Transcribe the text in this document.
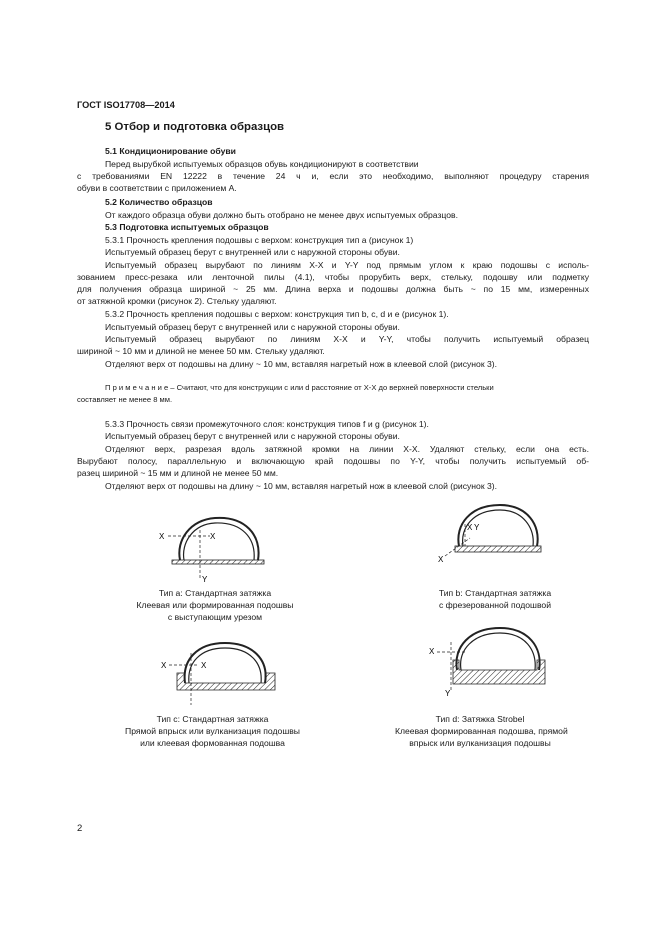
ГОСТ ISO17708—2014
5 Отбор и подготовка образцов
5.1 Кондиционирование обуви
Перед вырубкой испытуемых образцов обувь кондиционируют в соответствии
с требованиями EN 12222 в течение 24 ч и, если это необходимо, выполняют процедуру старения
обуви в соответствии с приложением А.
5.2 Количество образцов
От каждого образца обуви должно быть отобрано не менее двух испытуемых образцов.
5.3 Подготовка испытуемых образцов
5.3.1 Прочность крепления подошвы с верхом: конструкция тип а (рисунок 1)
Испытуемый образец берут с внутренней или с наружной стороны обуви.
Испытуемый образец вырубают по линиям Х-Х и Y-Y под прямым углом к краю подошвы с исполь-
зованием пресс-резака или ленточной пилы (4.1), чтобы прорубить верх, стельку, подошву или подметку
для получения образца шириной ~ 25 мм. Длина верха и подошвы должна быть ~ по 15 мм, измеренных
от затяжной кромки (рисунок 2). Стельку удаляют.
5.3.2 Прочность крепления подошвы с верхом: конструкция тип b, c, d и e (рисунок 1).
Испытуемый образец берут с внутренней или с наружной стороны обуви.
Испытуемый  образец  вырубают  по  линиям  Х-Х  и  Y-Y,  чтобы  получить  испытуемый  образец
шириной ~ 10 мм и длиной не менее 50 мм. Стельку удаляют.
Отделяют верх от подошвы на длину ~ 10 мм, вставляя нагретый нож в клеевой слой (рисунок 3).
П р и м е ч а н и е – Считают, что для конструкции с или d расстояние от Х-Х до верхней поверхности стельки
составляет не менее 8 мм.
5.3.3 Прочность связи промежуточного слоя: конструкция типов f и g (рисунок 1).
Испытуемый образец берут с внутренней или с наружной стороны обуви.
Отделяют верх, разрезая вдоль затяжной кромки на линии Х-Х. Удаляют стельку, если она есть.
Вырубают полосу, параллельную и включающую край подошвы по Y-Y, чтобы получить испытуемый об-
разец шириной ~ 15 мм и длиной не менее 50 мм.
Отделяют верх от подошвы на длину ~ 10 мм, вставляя нагретый нож в клеевой слой (рисунок 3).
X	X
Y
Тип а: Стандартная затяжка
Клеевая или формированная подошвы
с выступающим урезом
X Y
X
Тип b: Стандартная затяжка
с фрезерованной подошвой
X	X
Тип с: Стандартная затяжка
Прямой впрыск или вулканизация подошвы
или клеевая формованная подошва
X
Y
Тип d: Затяжка Strobel
Клеевая формированная подошва, прямой
впрыск или вулканизация подошвы
2
